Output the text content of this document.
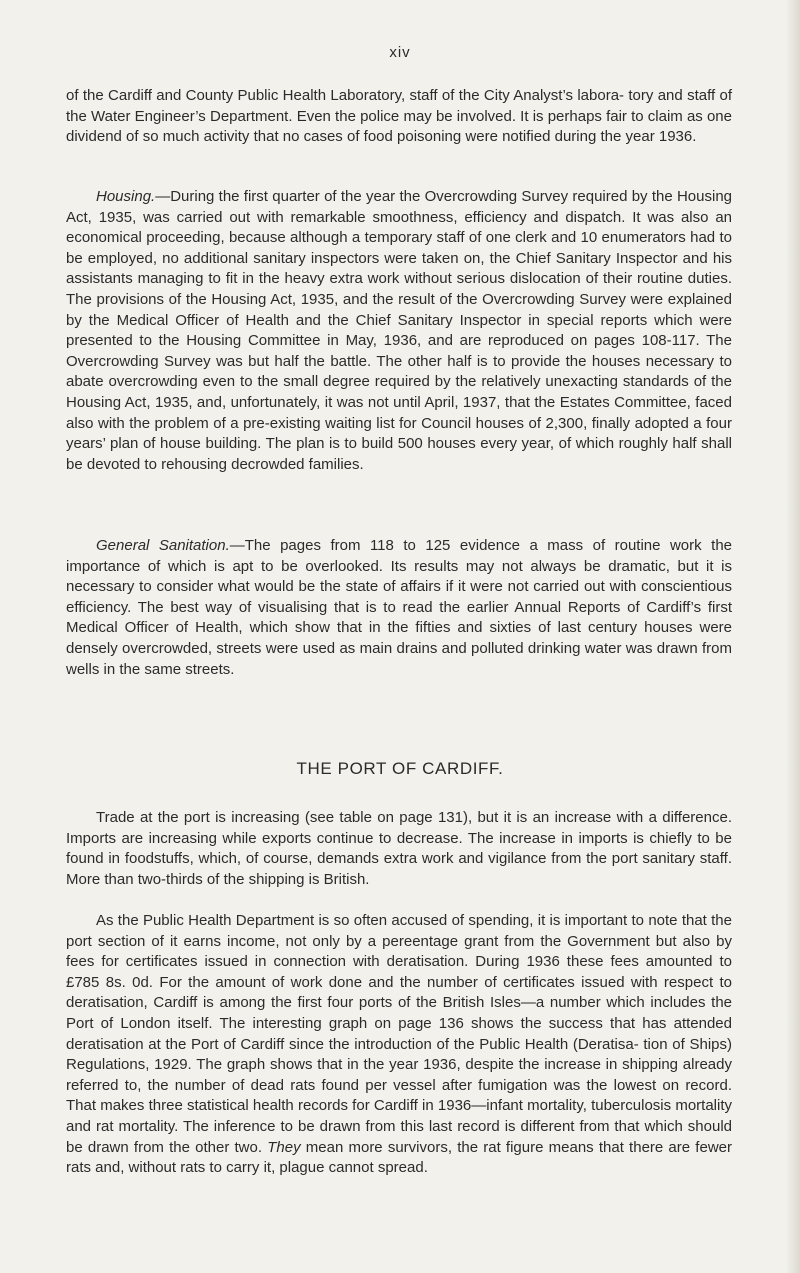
xiv

of the Cardiff and County Public Health Laboratory, staff of the City Analyst’s labora- tory and staff of the Water Engineer’s Department. Even the police may be involved. It is perhaps fair to claim as one dividend of so much activity that no cases of food poisoning were notified during the year 1936.

Housing.—During the first quarter of the year the Overcrowding Survey required by the Housing Act, 1935, was carried out with remarkable smoothness, efficiency and dispatch. It was also an economical proceeding, because although a temporary staff of one clerk and 10 enumerators had to be employed, no additional sanitary inspectors were taken on, the Chief Sanitary Inspector and his assistants managing to fit in the heavy extra work without serious dislocation of their routine duties. The provisions of the Housing Act, 1935, and the result of the Overcrowding Survey were explained by the Medical Officer of Health and the Chief Sanitary Inspector in special reports which were presented to the Housing Committee in May, 1936, and are reproduced on pages 108-117. The Overcrowding Survey was but half the battle. The other half is to provide the houses necessary to abate overcrowding even to the small degree required by the relatively unexacting standards of the Housing Act, 1935, and, unfortunately, it was not until April, 1937, that the Estates Committee, faced also with the problem of a pre-existing waiting list for Council houses of 2,300, finally adopted a four years’ plan of house building. The plan is to build 500 houses every year, of which roughly half shall be devoted to rehousing decrowded families.

General Sanitation.—The pages from 118 to 125 evidence a mass of routine work the importance of which is apt to be overlooked. Its results may not always be dramatic, but it is necessary to consider what would be the state of affairs if it were not carried out with conscientious efficiency. The best way of visualising that is to read the earlier Annual Reports of Cardiff’s first Medical Officer of Health, which show that in the fifties and sixties of last century houses were densely overcrowded, streets were used as main drains and polluted drinking water was drawn from wells in the same streets.

THE PORT OF CARDIFF.

Trade at the port is increasing (see table on page 131), but it is an increase with a difference. Imports are increasing while exports continue to decrease. The increase in imports is chiefly to be found in foodstuffs, which, of course, demands extra work and vigilance from the port sanitary staff. More than two-thirds of the shipping is British.

As the Public Health Department is so often accused of spending, it is important to note that the port section of it earns income, not only by a pereentage grant from the Government but also by fees for certificates issued in connection with deratisation. During 1936 these fees amounted to £785 8s. 0d. For the amount of work done and the number of certificates issued with respect to deratisation, Cardiff is among the first four ports of the British Isles—a number which includes the Port of London itself. The interesting graph on page 136 shows the success that has attended deratisation at the Port of Cardiff since the introduction of the Public Health (Deratisa- tion of Ships) Regulations, 1929. The graph shows that in the year 1936, despite the increase in shipping already referred to, the number of dead rats found per vessel after fumigation was the lowest on record. That makes three statistical health records for Cardiff in 1936—infant mortality, tuberculosis mortality and rat mortality. The inference to be drawn from this last record is different from that which should be drawn from the other two. They mean more survivors, the rat figure means that there are fewer rats and, without rats to carry it, plague cannot spread.
